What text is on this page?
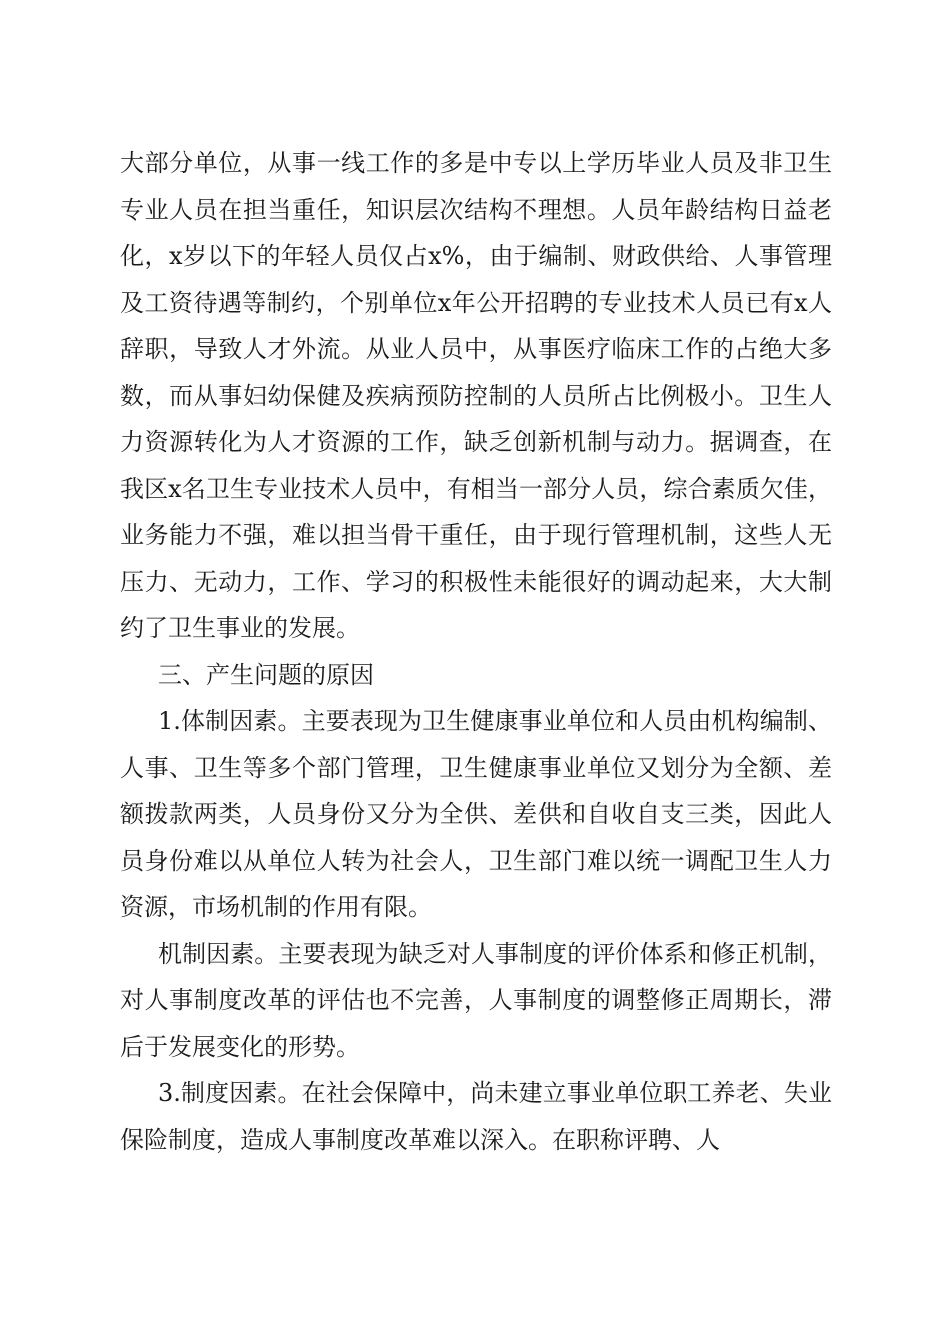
大部分单位，从事一线工作的多是中专以上学历毕业人员及非卫生专业人员在担当重任，知识层次结构不理想。人员年龄结构日益老化，x岁以下的年轻人员仅占x%，由于编制、财政供给、人事管理及工资待遇等制约，个别单位x年公开招聘的专业技术人员已有x人辞职，导致人才外流。从业人员中，从事医疗临床工作的占绝大多数，而从事妇幼保健及疾病预防控制的人员所占比例极小。卫生人力资源转化为人才资源的工作，缺乏创新机制与动力。据调查，在我区x名卫生专业技术人员中，有相当一部分人员，综合素质欠佳，业务能力不强，难以担当骨干重任，由于现行管理机制，这些人无压力、无动力，工作、学习的积极性未能很好的调动起来，大大制约了卫生事业的发展。

三、产生问题的原因

1.体制因素。主要表现为卫生健康事业单位和人员由机构编制、人事、卫生等多个部门管理，卫生健康事业单位又划分为全额、差额拨款两类，人员身份又分为全供、差供和自收自支三类，因此人员身份难以从单位人转为社会人，卫生部门难以统一调配卫生人力资源，市场机制的作用有限。

机制因素。主要表现为缺乏对人事制度的评价体系和修正机制，对人事制度改革的评估也不完善，人事制度的调整修正周期长，滞后于发展变化的形势。

3.制度因素。在社会保障中，尚未建立事业单位职工养老、失业保险制度，造成人事制度改革难以深入。在职称评聘、人
